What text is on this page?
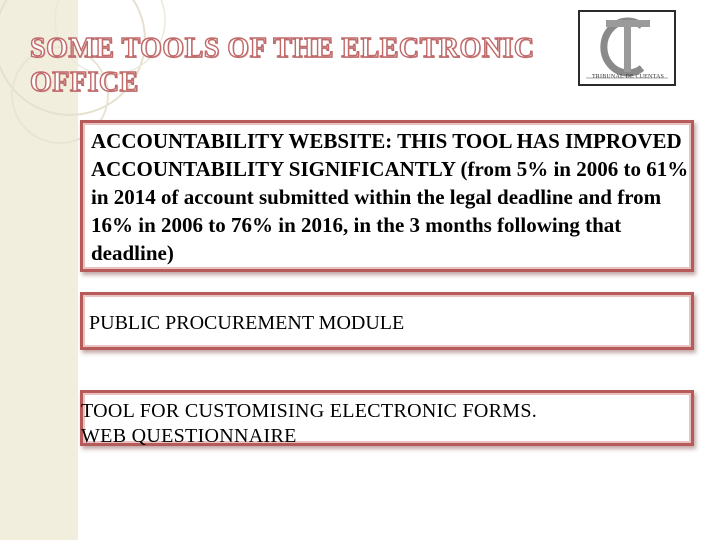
SOME TOOLS OF THE ELECTRONIC OFFICE	TRIBUNAL DE CUENTAS

ACCOUNTABILITY WEBSITE: THIS TOOL HAS IMPROVED ACCOUNTABILITY SIGNIFICANTLY (from 5% in 2006 to 61% in 2014 of account submitted within the legal deadline and from 16% in 2006 to 76% in 2016, in the 3 months following that deadline)

PUBLIC PROCUREMENT MODULE

TOOL FOR CUSTOMISING ELECTRONIC FORMS.
WEB QUESTIONNAIRE
